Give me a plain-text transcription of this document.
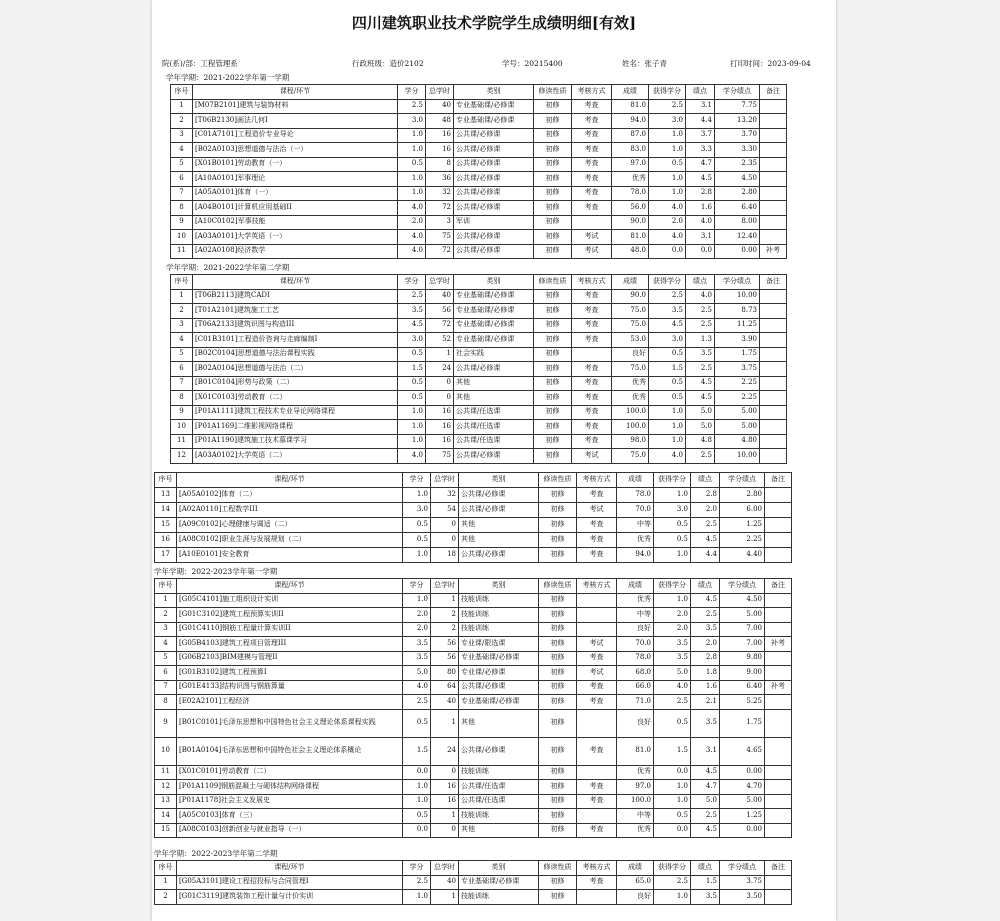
四川建筑职业技术学院学生成绩明细[有效]
院(系)/部：工程管理系	行政班级：造价2102	学号：20215400	姓名：张子青	打印时间：2023-09-04
学年学期：2021-2022学年第一学期
序号	课程/环节	学分	总学时	类别	修读性质	考核方式	成绩	获得学分	绩点	学分绩点	备注
1	[M07B2101]建筑与装饰材料	2.5	40	专业基础课/必修课	初修	考查	81.0	2.5	3.1	7.75	
2	[T06B2130]画法几何I	3.0	48	专业基础课/必修课	初修	考查	94.0	3.0	4.4	13.20	
3	[C01A7101]工程造价专业导论	1.0	16	公共课/必修课	初修	考查	87.0	1.0	3.7	3.70	
4	[B02A0103]思想道德与法治（一）	1.0	16	公共课/必修课	初修	考查	83.0	1.0	3.3	3.30	
5	[X01B0101]劳动教育（一）	0.5	8	公共课/必修课	初修	考查	97.0	0.5	4.7	2.35	
6	[A10A0101]军事理论	1.0	36	公共课/必修课	初修	考查	优秀	1.0	4.5	4.50	
7	[A05A0101]体育（一）	1.0	32	公共课/必修课	初修	考查	78.0	1.0	2.8	2.80	
8	[A04B0101]计算机应用基础II	4.0	72	公共课/必修课	初修	考查	56.0	4.0	1.6	6.40	
9	[A10C0102]军事技能	2.0	3	军训	初修		90.0	2.0	4.0	8.00	
10	[A03A0101]大学英语（一）	4.0	75	公共课/必修课	初修	考试	81.0	4.0	3.1	12.40	
11	[A02A0108]经济数学	4.0	72	公共课/必修课	初修	考试	48.0	0.0	0.0	0.00	补考
学年学期：2021-2022学年第二学期
序号	课程/环节	学分	总学时	类别	修读性质	考核方式	成绩	获得学分	绩点	学分绩点	备注
1	[T06B2113]建筑CADI	2.5	40	专业基础课/必修课	初修	考查	90.0	2.5	4.0	10.00	
2	[T01A2101]建筑施工工艺	3.5	56	专业基础课/必修课	初修	考查	75.0	3.5	2.5	8.73	
3	[T06A2133]建筑识图与构造III	4.5	72	专业基础课/必修课	初修	考查	75.0	4.5	2.5	11.25	
4	[C01B3101]工程造价咨询与走廊编制I	3.0	52	专业基础课/必修课	初修	考查	53.0	3.0	1.3	3.90	
5	[B02C0104]思想道德与法治课程实践	0.5	1	社会实践	初修		良好	0.5	3.5	1.75	
6	[B02A0104]思想道德与法治（二）	1.5	24	公共课/必修课	初修	考查	75.0	1.5	2.5	3.75	
7	[B01C0104]形势与政策（二）	0.5	0	其他	初修	考查	优秀	0.5	4.5	2.25	
8	[X01C0103]劳动教育（二）	0.5	0	其他	初修	考查	优秀	0.5	4.5	2.25	
9	[P01A1111]建筑工程技术专业导论网络课程	1.0	16	公共课/任选课	初修	考查	100.0	1.0	5.0	5.00	
10	[P01A1169]二维影视网络课程	1.0	16	公共课/任选课	初修	考查	100.0	1.0	5.0	5.00	
11	[P01A1190]建筑施工技术慕课学习	1.0	16	公共课/任选课	初修	考查	98.0	1.0	4.8	4.80	
12	[A03A0102]大学英语（二）	4.0	75	公共课/必修课	初修	考试	75.0	4.0	2.5	10.00	
序号	课程/环节	学分	总学时	类别	修读性质	考核方式	成绩	获得学分	绩点	学分绩点	备注
13	[A05A0102]体育（二）	1.0	32	公共课/必修课	初修	考查	78.0	1.0	2.8	2.80	
14	[A02A0110]工程数学III	3.0	54	公共课/必修课	初修	考试	70.0	3.0	2.0	6.00	
15	[A09C0102]心理健康与调适（二）	0.5	0	其他	初修	考查	中等	0.5	2.5	1.25	
16	[A08C0102]职业生涯与发展规划（二）	0.5	0	其他	初修	考查	优秀	0.5	4.5	2.25	
17	[A10E0101]安全教育	1.0	18	公共课/必修课	初修	考查	94.0	1.0	4.4	4.40	
学年学期：2022-2023学年第一学期
序号	课程/环节	学分	总学时	类别	修读性质	考核方式	成绩	获得学分	绩点	学分绩点	备注
1	[G05C4101]施工组织设计实训	1.0	1	技能训练	初修		优秀	1.0	4.5	4.50	
2	[G01C3102]建筑工程预算实训II	2.0	2	技能训练	初修		中等	2.0	2.5	5.00	
3	[G01C4110]钢筋工程量计算实训II	2.0	2	技能训练	初修		良好	2.0	3.5	7.00	
4	[G05B4103]建筑工程项目管理III	3.5	56	专业课/限选课	初修	考试	70.0	3.5	2.0	7.00	补考
5	[G06B2103]BIM建模与管理II	3.5	56	专业基础课/必修课	初修	考查	78.0	3.5	2.8	9.80	
6	[G01B3102]建筑工程预算I	5.0	80	专业课/必修课	初修	考试	68.0	5.0	1.8	9.00	
7	[G01E4133]结构识图与钢筋算量	4.0	64	公共课/必修课	初修	考查	66.0	4.0	1.6	6.40	补考
8	[E02A2101]工程经济	2.5	40	专业基础课/必修课	初修	考查	71.0	2.5	2.1	5.25	
9	[B01C0101]毛泽东思想和中国特色社会主义理论体系课程实践	0.5	1	其他	初修		良好	0.5	3.5	1.75	
10	[B01A0104]毛泽东思想和中国特色社会主义理论体系概论	1.5	24	公共课/必修课	初修	考查	81.0	1.5	3.1	4.65	
11	[X01C0101]劳动教育（二）	0.0	0	技能训练	初修		优秀	0.0	4.5	0.00	
12	[P01A1109]钢筋混凝土与砌体结构网络课程	1.0	16	公共课/任选课	初修	考查	97.0	1.0	4.7	4.70	
13	[P01A1178]社会主义发展史	1.0	16	公共课/任选课	初修	考查	100.0	1.0	5.0	5.00	
14	[A05C0103]体育（三）	0.5	1	技能训练	初修		中等	0.5	2.5	1.25	
15	[A08C0103]创新创业与就业指导（一）	0.0	0	其他	初修	考查	优秀	0.0	4.5	0.00	
学年学期：2022-2023学年第二学期
序号	课程/环节	学分	总学时	类别	修读性质	考核方式	成绩	获得学分	绩点	学分绩点	备注
1	[G05A3101]建设工程招投标与合同管理I	2.5	40	专业基础课/必修课	初修	考查	65.0	2.5	1.5	3.75	
2	[G01C3119]建筑装饰工程计量与计价实训	1.0	1	技能训练	初修		良好	1.0	3.5	3.50	
